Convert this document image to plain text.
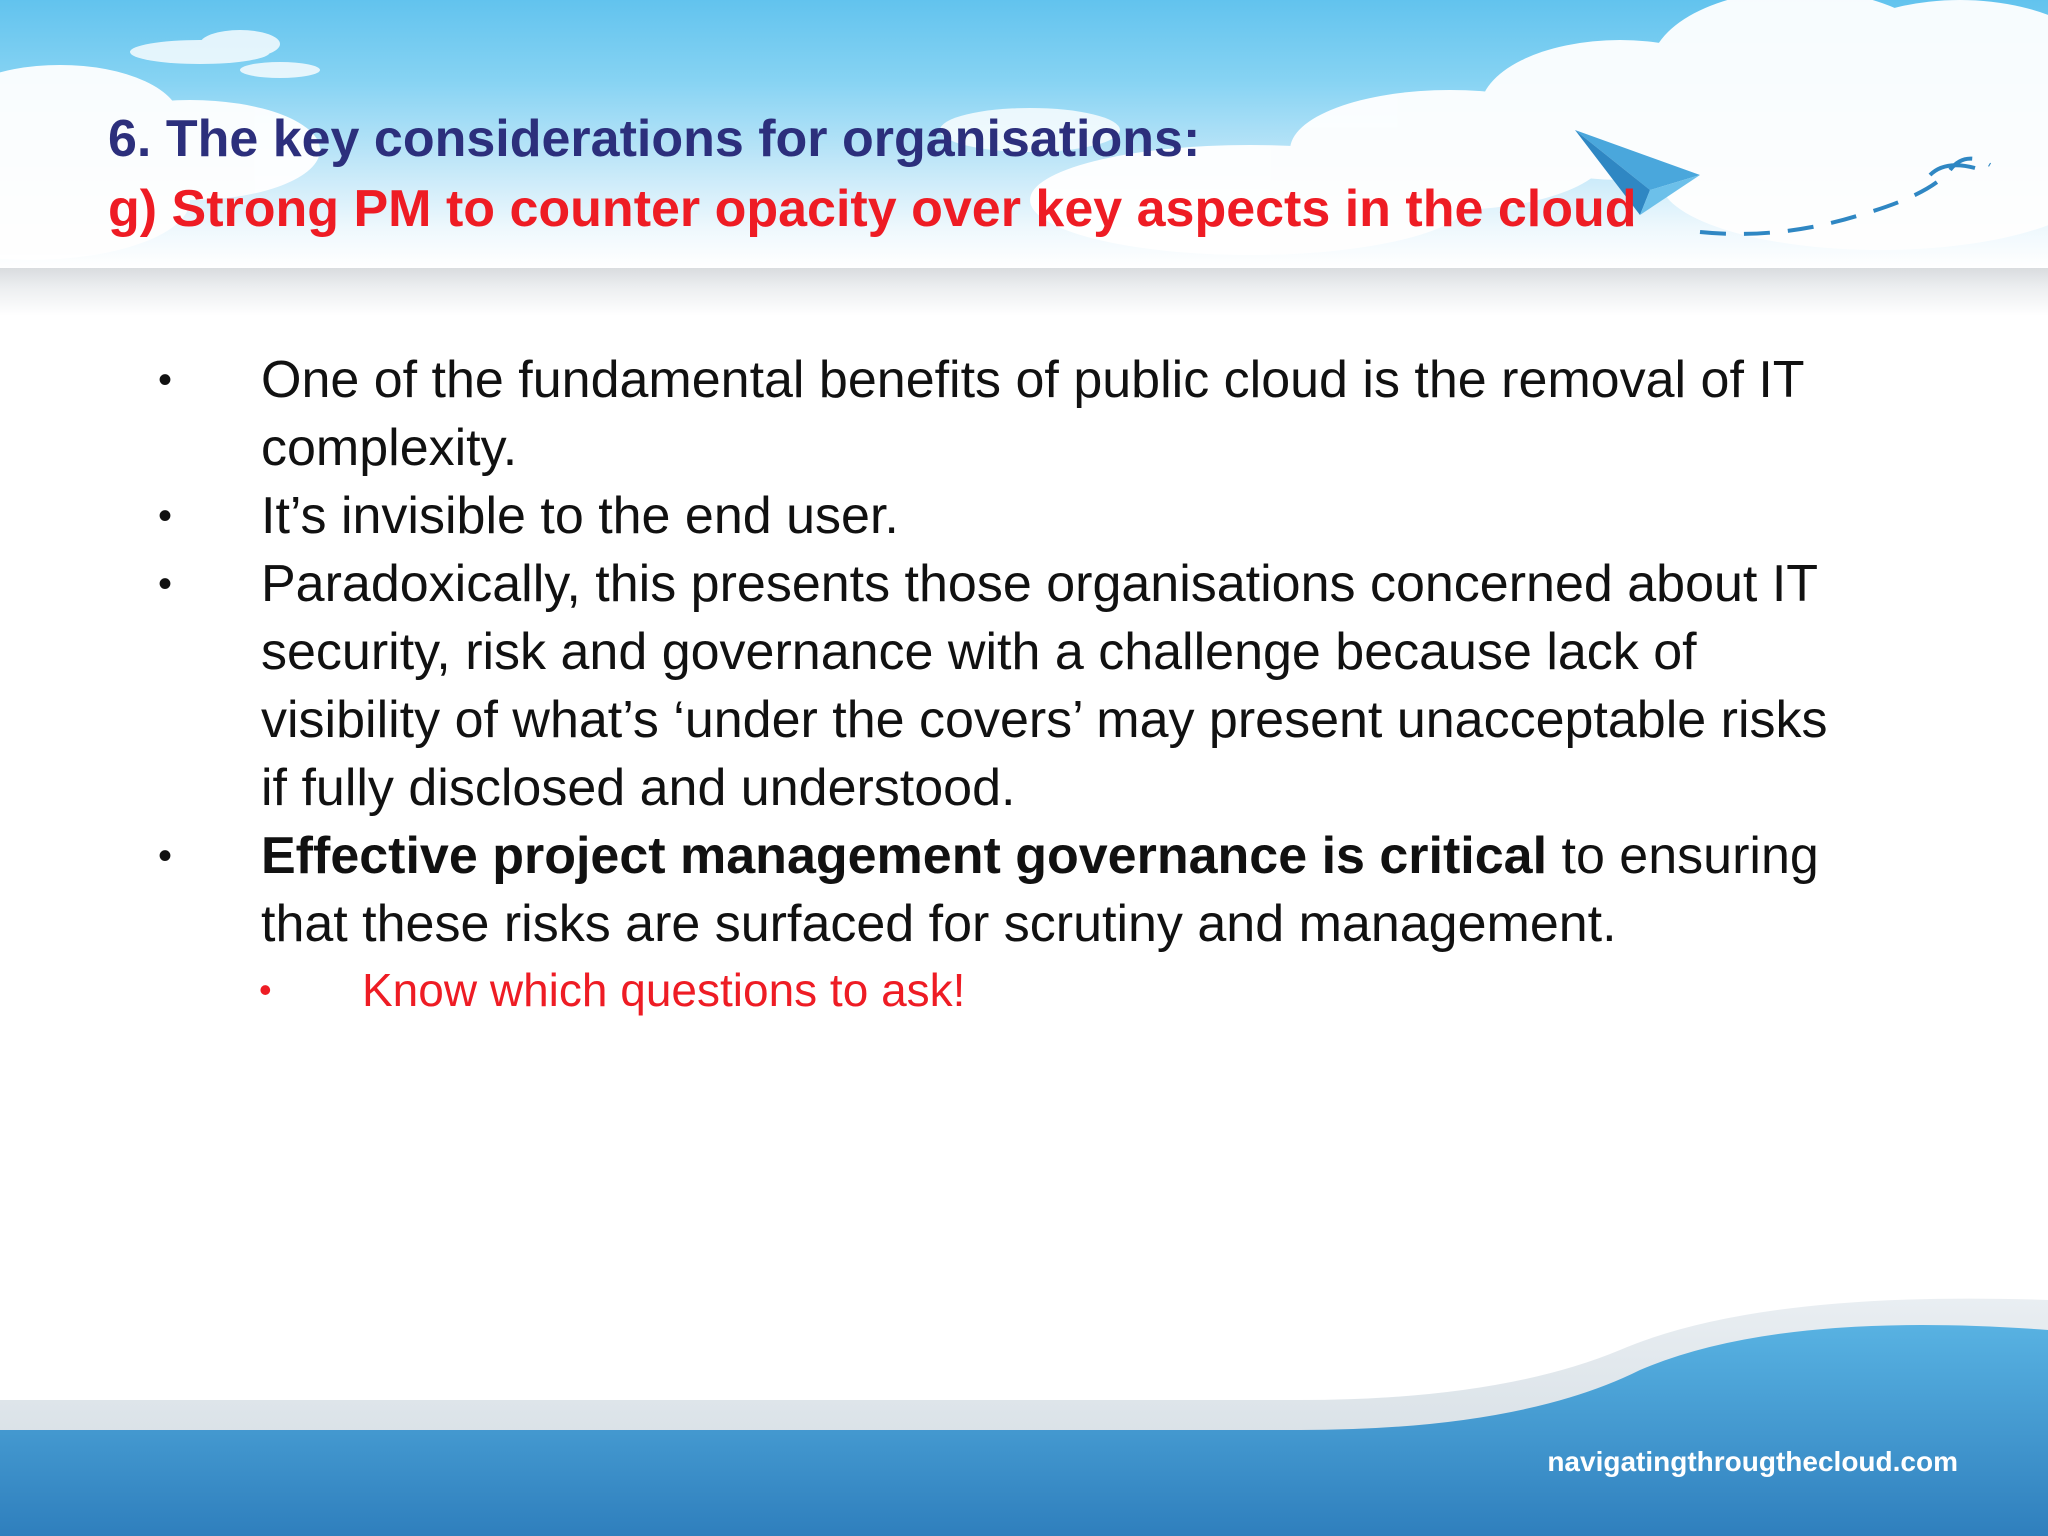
6. The key considerations for organisations:
g) Strong PM to counter opacity over key aspects in the cloud
• One of the fundamental benefits of public cloud is the removal of IT complexity.
• It’s invisible to the end user.
• Paradoxically, this presents those organisations concerned about IT security, risk and governance with a challenge because lack of visibility of what’s ‘under the covers’ may present unacceptable risks if fully disclosed and understood.
• Effective project management governance is critical to ensuring that these risks are surfaced for scrutiny and management.
• Know which questions to ask!
navigatingthrougthecloud.com
